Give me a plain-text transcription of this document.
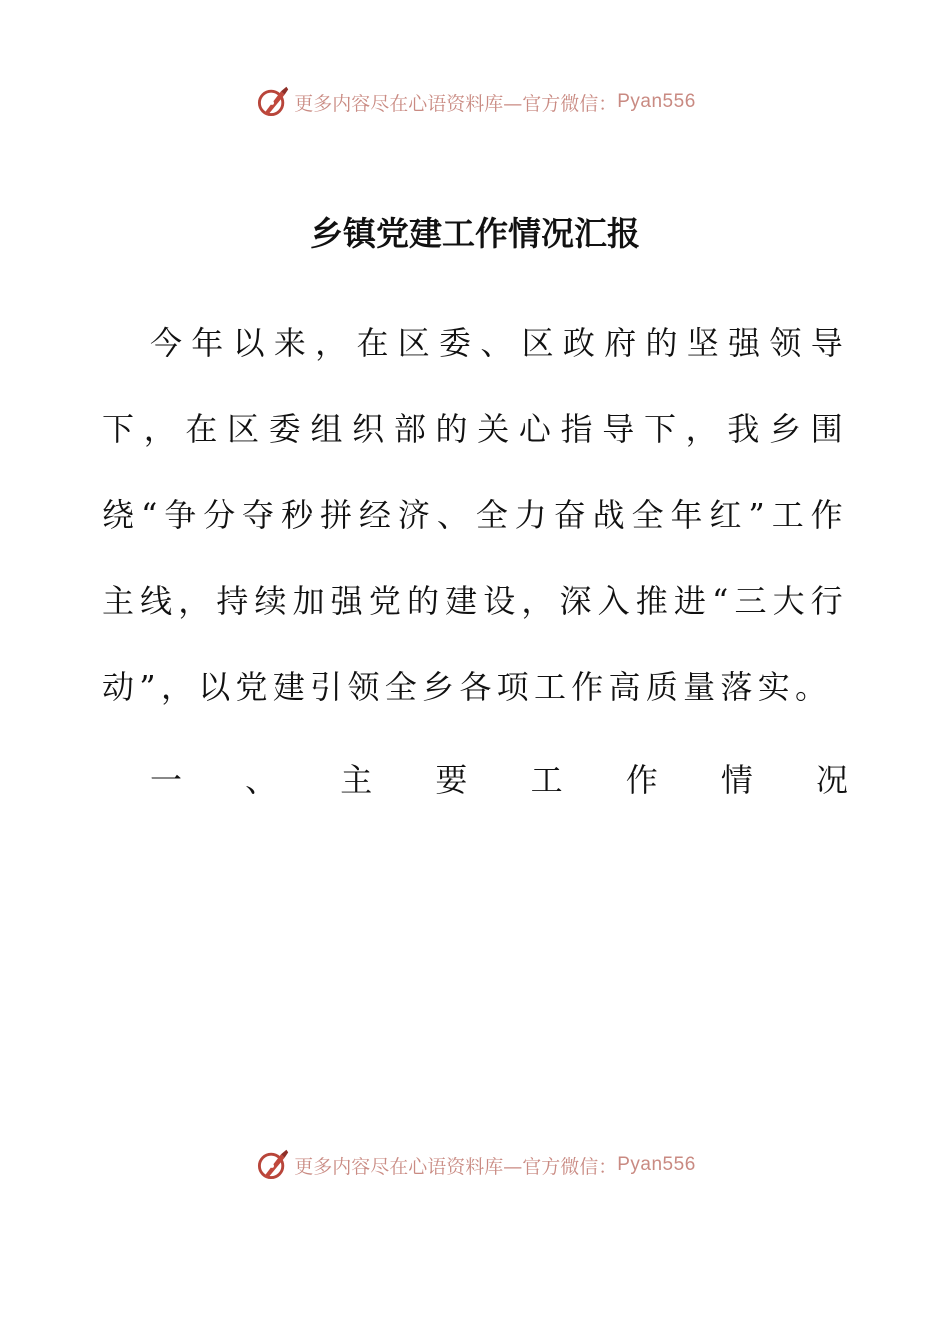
更多内容尽在心语资料库—官方微信： Pyan556
乡镇党建工作情况汇报

今年以来，在区委、区政府的坚强领导下，在区委组织部的关心指导下，我乡围绕“争分夺秒拼经济、全力奋战全年红”工作主线，持续加强党的建设，深入推进“三大行动”，以党建引领全乡各项工作高质量落实。

一 、 主 要 工 作 情 况
更多内容尽在心语资料库—官方微信： Pyan556
